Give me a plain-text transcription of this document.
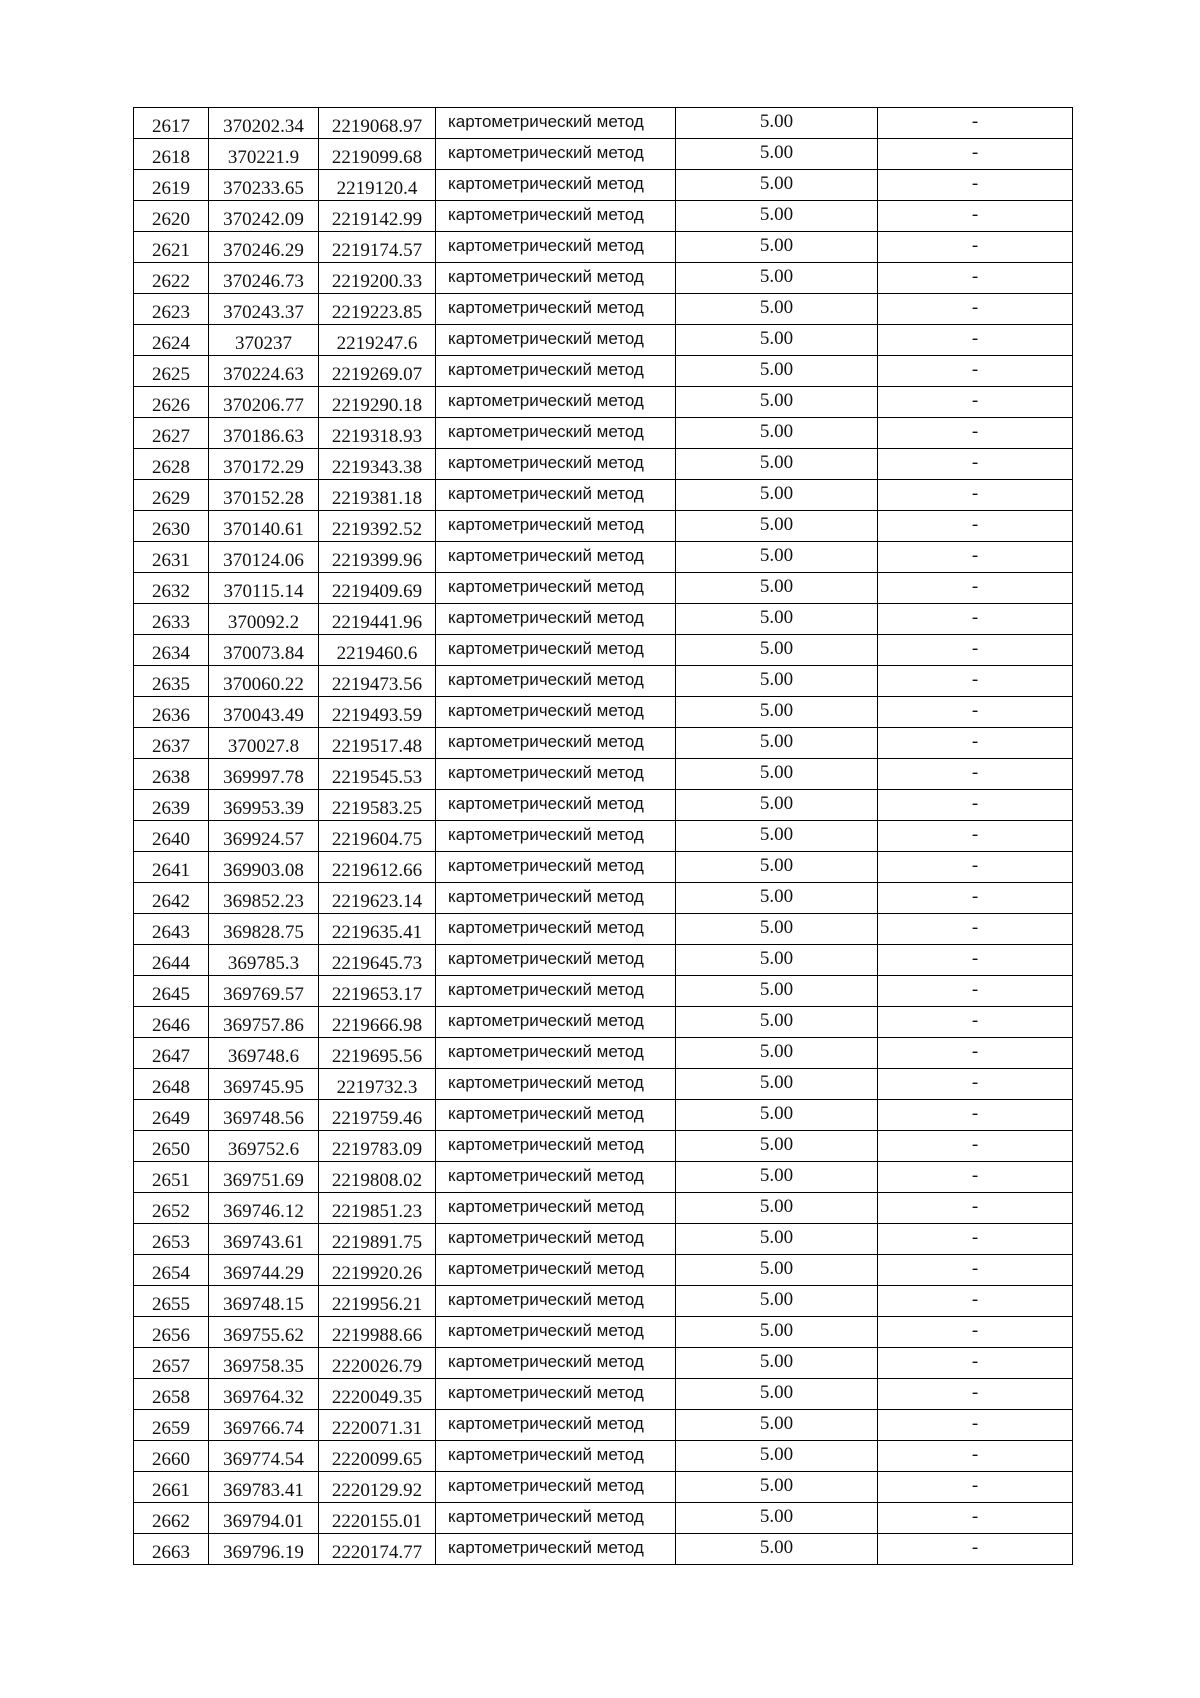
2617	370202.34	2219068.97	картометрический метод	5.00	-
2618	370221.9	2219099.68	картометрический метод	5.00	-
2619	370233.65	2219120.4	картометрический метод	5.00	-
2620	370242.09	2219142.99	картометрический метод	5.00	-
2621	370246.29	2219174.57	картометрический метод	5.00	-
2622	370246.73	2219200.33	картометрический метод	5.00	-
2623	370243.37	2219223.85	картометрический метод	5.00	-
2624	370237	2219247.6	картометрический метод	5.00	-
2625	370224.63	2219269.07	картометрический метод	5.00	-
2626	370206.77	2219290.18	картометрический метод	5.00	-
2627	370186.63	2219318.93	картометрический метод	5.00	-
2628	370172.29	2219343.38	картометрический метод	5.00	-
2629	370152.28	2219381.18	картометрический метод	5.00	-
2630	370140.61	2219392.52	картометрический метод	5.00	-
2631	370124.06	2219399.96	картометрический метод	5.00	-
2632	370115.14	2219409.69	картометрический метод	5.00	-
2633	370092.2	2219441.96	картометрический метод	5.00	-
2634	370073.84	2219460.6	картометрический метод	5.00	-
2635	370060.22	2219473.56	картометрический метод	5.00	-
2636	370043.49	2219493.59	картометрический метод	5.00	-
2637	370027.8	2219517.48	картометрический метод	5.00	-
2638	369997.78	2219545.53	картометрический метод	5.00	-
2639	369953.39	2219583.25	картометрический метод	5.00	-
2640	369924.57	2219604.75	картометрический метод	5.00	-
2641	369903.08	2219612.66	картометрический метод	5.00	-
2642	369852.23	2219623.14	картометрический метод	5.00	-
2643	369828.75	2219635.41	картометрический метод	5.00	-
2644	369785.3	2219645.73	картометрический метод	5.00	-
2645	369769.57	2219653.17	картометрический метод	5.00	-
2646	369757.86	2219666.98	картометрический метод	5.00	-
2647	369748.6	2219695.56	картометрический метод	5.00	-
2648	369745.95	2219732.3	картометрический метод	5.00	-
2649	369748.56	2219759.46	картометрический метод	5.00	-
2650	369752.6	2219783.09	картометрический метод	5.00	-
2651	369751.69	2219808.02	картометрический метод	5.00	-
2652	369746.12	2219851.23	картометрический метод	5.00	-
2653	369743.61	2219891.75	картометрический метод	5.00	-
2654	369744.29	2219920.26	картометрический метод	5.00	-
2655	369748.15	2219956.21	картометрический метод	5.00	-
2656	369755.62	2219988.66	картометрический метод	5.00	-
2657	369758.35	2220026.79	картометрический метод	5.00	-
2658	369764.32	2220049.35	картометрический метод	5.00	-
2659	369766.74	2220071.31	картометрический метод	5.00	-
2660	369774.54	2220099.65	картометрический метод	5.00	-
2661	369783.41	2220129.92	картометрический метод	5.00	-
2662	369794.01	2220155.01	картометрический метод	5.00	-
2663	369796.19	2220174.77	картометрический метод	5.00	-
